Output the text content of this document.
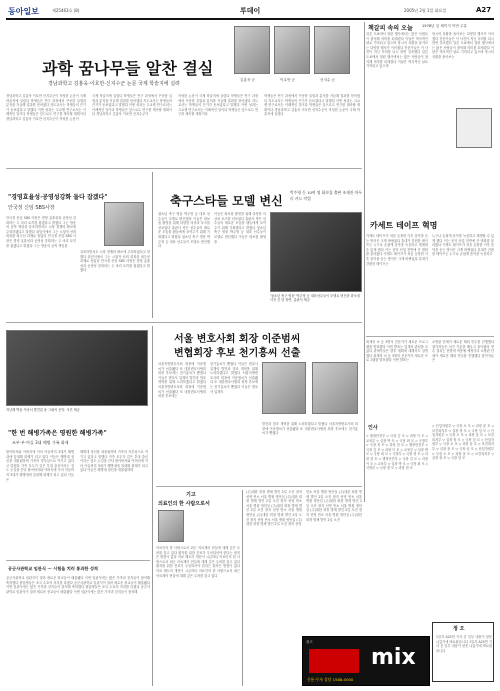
동아일보	제25463호 (8)	투데이	2005년 2월 1일 화요일	A27
과학 꿈나무들 알찬 결실
경남과학고 김홍욱·이호만·신지수군 논문 국제 학술지에 실려
김홍욱 군	이호만 군	신지수 군
경남과학고 김홍욱 이호만 신지수군이 작성한 논문이 국제 학술지에 실렸다 학생들은 연구 과정에서 꾸준한 실험과 분석을 거듭해 결과를 얻어냈다 지도교사는 학생들의 끈기가 돋보였다고 말했다 이번 성과는 고교생 연구로서는 이례적인 일이다 학생들은 앞으로도 연구를 계속할 계획이다 경남과학고 김홍욱 이호만 신지수군이 작성한 논문이
국제 학술지에 실렸다 학생들은 연구 과정에서 꾸준한 실험과 분석을 거듭해 결과를 얻어냈다 지도교사는 학생들의 끈기가 돋보였다고 말했다 이번 성과는 고교생 연구로서는 이례적인 일이다 학생들은 앞으로도 연구를 계속할 계획이다 경남과학고 김홍욱 이호만 신지수군이
작성한 논문이 국제 학술지에 실렸다 학생들은 연구 과정에서 꾸준한 실험과 분석을 거듭해 결과를 얻어냈다 지도교사는 학생들의 끈기가 돋보였다고 말했다 이번 성과는 고교생 연구로서는 이례적인 일이다 학생들은 앞으로도 연구를 계속할 계획이다
학생들은 연구 과정에서 꾸준한 실험과 분석을 거듭해 결과를 얻어냈다 지도교사는 학생들의 끈기가 돋보였다고 말했다 이번 성과는 고교생 연구로서는 이례적인 일이다 학생들은 앞으로도 연구를 계속할 계획이다 경남과학고 김홍욱 이호만 신지수군이 작성한 논문이 국제 학술지에 실렸다
책갈피 속의 오늘	1978년 일 세이지 이번 주유
일본 도쿄에서 열린 행사에서는 많은 사람들이 참석해 의미를 되새겼다 이날은 역사적인 날로 기억되고 있으며 당시의 상황을 돌아보는 다양한 행사가 이어졌다 전문가들은 이 사건이 지닌 의미를 다시 한번 강조했다 일본 도쿄에서 열린 행사에서는 많은 사람들이 참석해 의미를 되새겼다 이날은 역사적인 날로 기억되고 있으며
당시의 상황을 돌아보는 다양한 행사가 이어졌다 전문가들은 이 사건이 지닌 의미를 다시 한번 강조했다 일본 도쿄에서 열린 행사에서는 많은 사람들이 참석해 의미를 되새겼다 이날은 역사적인 날로 기억되고 있으며 당시의 상황을 돌아보는
"경영효율성·공영성강화 둘다 잡겠다"
안국정 신임 SBS사장
안국정 신임 SBS 사장은 경영 효율성과 공영성 강화라는 두 마리 토끼를 잡겠다고 밝혔다 그는 방송의 공적 책임을 강조하면서도 시장 경쟁력 확보에 주력하겠다고 말했다 취임식에서 그는 시청자 신뢰 회복을 최우선 과제로 꼽았다 안국정 신임 SBS 사장은 경영 효율성과 공영성 강화라는 두 마리 토끼를 잡겠다고 밝혔다 그는 방송의 공적 책임을
강조하면서도 시장 경쟁력 확보에 주력하겠다고 말했다 취임식에서 그는 시청자 신뢰 회복을 최우선 과제로 꼽았다 안국정 신임 SBS 사장은 경영 효율성과 공영성 강화라는 두 마리 토끼를 잡겠다고 밝혔다
축구스타들 모델 변신
박주영 등 10여 명 화보집 출판 조재진·차두리 카드 작업
청소년 축구 영웅 박주영 등 대표 선수들이 모델로 변신했다 이들은 화보집 촬영을 위해 다양한 의상과 포즈를 선보였다 출판사 측은 선수들의 새로운 모습을 팬들에게 보여주기 위해 기획했다고 밝혔다 청소년 축구 영웅 박주영 등 대표 선수들이 모델로 변신했다
이들은 화보집 촬영을 위해 다양한 의상과 포즈를 선보였다 출판사 측은 선수들의 새로운 모습을 팬들에게 보여주기 위해 기획했다고 밝혔다 청소년 축구 영웅 박주영 등 대표 선수들이 모델로 변신했다 이들은 화보집 촬영을
'청소년 축구 영웅' 박주영 등 대표선수들이 모델로 변신한 화보집 사진 중 한 장면. 출판사 제공
카세트 테이프 혁명
카세트 테이프가 처음 등장한 이후 음악을 듣는 방식은 크게 바뀌었다 휴대가 간편한 테이프는 누구나 손쉽게 음악을 녹음하고 재생할 수 있게 했다 이는 음악 산업 전반에 큰 변화를 불러왔다 카세트 테이프가 처음 등장한 이후 음악을 듣는 방식은 크게 바뀌었다 휴대가 간편한 테이프는
누구나 손쉽게 음악을 녹음하고 재생할 수 있게 했다 이는 음악 산업 전반에 큰 변화를 불러왔다 카세트 테이프가 처음 등장한 이후 음악을 듣는 방식은 크게 바뀌었다 휴대가 간편한 테이프는 누구나 손쉽게 음악을 녹음하고
지난해 벽돌 가마서 발견된 용 그림의 문양. 사진 제공
"한 번 해병가족은 영원한 해병가족"
조부·부·아들 3대 해병 가족 화제
할아버지와 아버지에 이어 아들까지 3대가 해병대에 입대해 화제가 되고 있다 이들은 해병대 정신을 대물림하며 가족의 자부심으로 여기고 있다고 말했다 가족 모두가 같은 부대 출신이라는 점도 눈길을 끈다 할아버지와 아버지에 이어 아들까지 3대가 해병대에 입대해 화제가 되고 있다 이들은
해병대 정신을 대물림하며 가족의 자부심으로 여기고 있다고 말했다 가족 모두가 같은 부대 출신이라는 점도 눈길을 끈다 할아버지와 아버지에 이어 아들까지 3대가 해병대에 입대해 화제가 되고 있다 이들은 해병대 정신을 대물림하며
공군사관학교 임관식 ··· 시험을 치러 통과한 성적
공군사관학교 임관식이 열려 새로운 장교들이 배출됐다 이번 임관식에는 많은 가족과 친지들이 참석해 축하했다 졸업생들은 조국 수호의 의지를 다졌다 공군사관학교 임관식이 열려 새로운 장교들이 배출됐다 이번 임관식에는 많은 가족과 친지들이 참석해 축하했다 졸업생들은 조국 수호의 의지를 다졌다 공군사관학교 임관식이 열려 새로운 장교들이 배출됐다 이번 임관식에는 많은 가족과 친지들이 참석해
서울 변호사회 회장 이준범씨
변협회장 후보 천기흥씨 선출
서울지방변호사회 회장에 이준범씨가 선출됐다 또 대한변호사협회 회장 후보에는 천기흥씨가 뽑혔다 이들은 변호사 업계의 발전과 법조 개혁을 위해 노력하겠다고 밝혔다 서울지방변호사회 회장에 이준범씨가 선출됐다 또 대한변호사협회 회장 후보에는
천기흥씨가 뽑혔다 이들은 변호사 업계의 발전과 법조 개혁을 위해 노력하겠다고 밝혔다 서울지방변호사회 회장에 이준범씨가 선출됐다 또 대한변호사협회 회장 후보에는 천기흥씨가 뽑혔다 이들은 변호사 업계의
발전과 법조 개혁을 위해 노력하겠다고 밝혔다 서울지방변호사회 회장에 이준범씨가 선출됐다 또 대한변호사협회 회장 후보에는 천기흥씨가 뽑혔다
기고
의료인의 한 사람으로서
의료인의 한 사람으로서 최근 의료계의 현실에 대해 깊은 우려를 갖고 있다 환자를 위한 진료가 우선되어야 한다는 원칙은 변함이 없다 의료 제도의 개선이 시급하다 의료인의 한 사람으로서 최근 의료계의 현실에 대해 깊은 우려를 갖고 있다 환자를 위한 진료가 우선되어야 한다는 원칙은 변함이 없다 의료 제도의 개선이 시급하다 의료인의 한 사람으로서 최근 의료계의 현실에 대해 깊은 우려를 갖고 있다
(주)대한 회장 별세 발인 2일 오전 장지 선영 빈소 서울 병원 영안실 (주)대한 회장 별세 발인 2일 오전 장지 선영 빈소 서울 병원 영안실 (주)대한 회장 별세 발인 2일 오전 장지 선영 빈소 서울 병원 영안실 (주)대한 회장 별세 발인 2일 오전 장지 선영 빈소 서울 병원 영안실 (주)대한 회장 별세 발인 2일 오전 장지 선영
빈소 서울 병원 영안실 (주)대한 회장 별세 발인 2일 오전 장지 선영 빈소 서울 병원 영안실 (주)대한 회장 별세 발인 2일 오전 장지 선영 빈소 서울 병원 영안실 (주)대한 회장 별세 발인 2일 오전 장지 선영 빈소 서울 병원 영안실 (주)대한 회장 별세 발인 2일 오전
최재석 씨 등 3명의 전문가가 새로운 프로그램을 발표했다 이번 발표는 업계의 관심을 모았다 관계자들은 향후 계획에 대해서도 설명했다 최재석 씨 등 3명의 전문가가 새로운 프로그램을 발표했다 이번 발표는
소방관 단체가 새로운 해외 연수를 진행했다 참가자들은 선진 기술을 배우고 돌아왔다 연수 결과는 현장에 적용될 예정이다 소방관 단체가 새로운 해외 연수를 진행했다 참가자들은
인사
◇ 행정안전부 ▽ 국장 김 모 ▽ 과장 이 모 ◇ 교육부 ▽ 실장 박 모 ▽ 국장 최 모 ◇ 국방부 ▽ 국장 정 모 ▽ 과장 한 모 ◇ 행정안전부 ▽ 국장 김 모 ▽ 과장 이 모 ◇ 교육부 ▽ 실장 박 모 ▽ 국장 최 모 ◇ 국방부 ▽ 국장 정 모 ▽ 과장 한 모 ◇ 행정안전부 ▽ 국장 김 모 ▽ 과장 이 모 ◇ 교육부 ▽ 실장 박 모 ▽ 국장 최 모 ◇ 국방부 ▽ 국장 정 모 ▽ 과장 한 모
◇ 산업자원부 ▽ 국장 오 모 ▽ 과장 윤 모 ◇ 보건복지부 ▽ 실장 장 모 ▽ 국장 임 모 ◇ 산업자원부 ▽ 국장 오 모 ▽ 과장 윤 모 ◇ 보건복지부 ▽ 실장 장 모 ▽ 국장 임 모 ◇ 산업자원부 ▽ 국장 오 모 ▽ 과장 윤 모 ◇ 보건복지부 ▽ 실장 장 모 ▽ 국장 임 모 ◇ 산업자원부 ▽ 국장 오 모 ▽ 과장 윤 모 ◇ 보건복지부 ▽ 실장 장 모 ▽ 국장 임 모
정 오
1일자 A25면 기사 중 일부 내용이 잘못 나갔기에 바로잡습니다 1일자 A25면 기사 중 일부 내용이 잘못 나갔기에 바로잡습니다
광고
mix
신용·투자 상담 1588-0000
